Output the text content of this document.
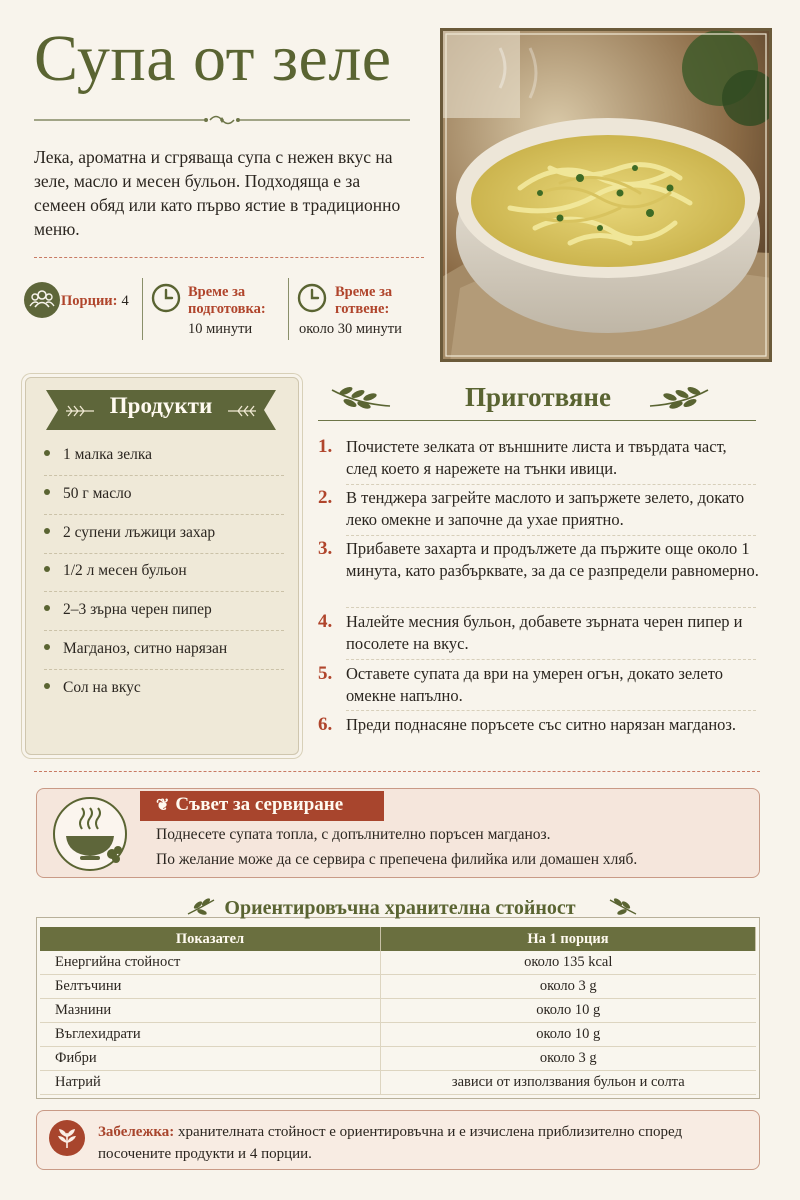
Супа от зеле
Лека, ароматна и сгряваща супа с нежен вкус на зеле, масло и месен бульон. Подходяща е за семеен обяд или като първо ястие в традиционно меню.
Порции: 4
Време за
подготовка:
10 минути
Време за
готвене:
около 30 минути
Продукти
1 малка зелка
50 г масло
2 супени лъжици захар
1/2 л месен бульон
2–3 зърна черен пипер
Магданоз, ситно нарязан
Сол на вкус
Приготвяне
1. Почистете зелката от външните листа и твърдата част, след което я нарежете на тънки ивици.
2. В тенджера загрейте маслото и запържете зелето, докато леко омекне и започне да ухае приятно.
3. Прибавете захарта и продължете да пържите още около 1 минута, като разбърквате, за да се разпредели равномерно.
4. Налейте месния бульон, добавете зърната черен пипер и посолете на вкус.
5. Оставете супата да ври на умерен огън, докато зелето омекне напълно.
6. Преди поднасяне поръсете със ситно нарязан магданоз.
❦ Съвет за сервиране
Поднесете супата топла, с допълнително поръсен магданоз.
По желание може да се сервира с препечена филийка или домашен хляб.
Ориентировъчна хранителна стойност
Показател	На 1 порция
Енергийна стойност	около 135 kcal
Белтъчини	около 3 g
Мазнини	около 10 g
Въглехидрати	около 10 g
Фибри	около 3 g
Натрий	зависи от използвания бульон и солта
Забележка: хранителната стойност е ориентировъчна и е изчислена приблизително според посочените продукти и 4 порции.
